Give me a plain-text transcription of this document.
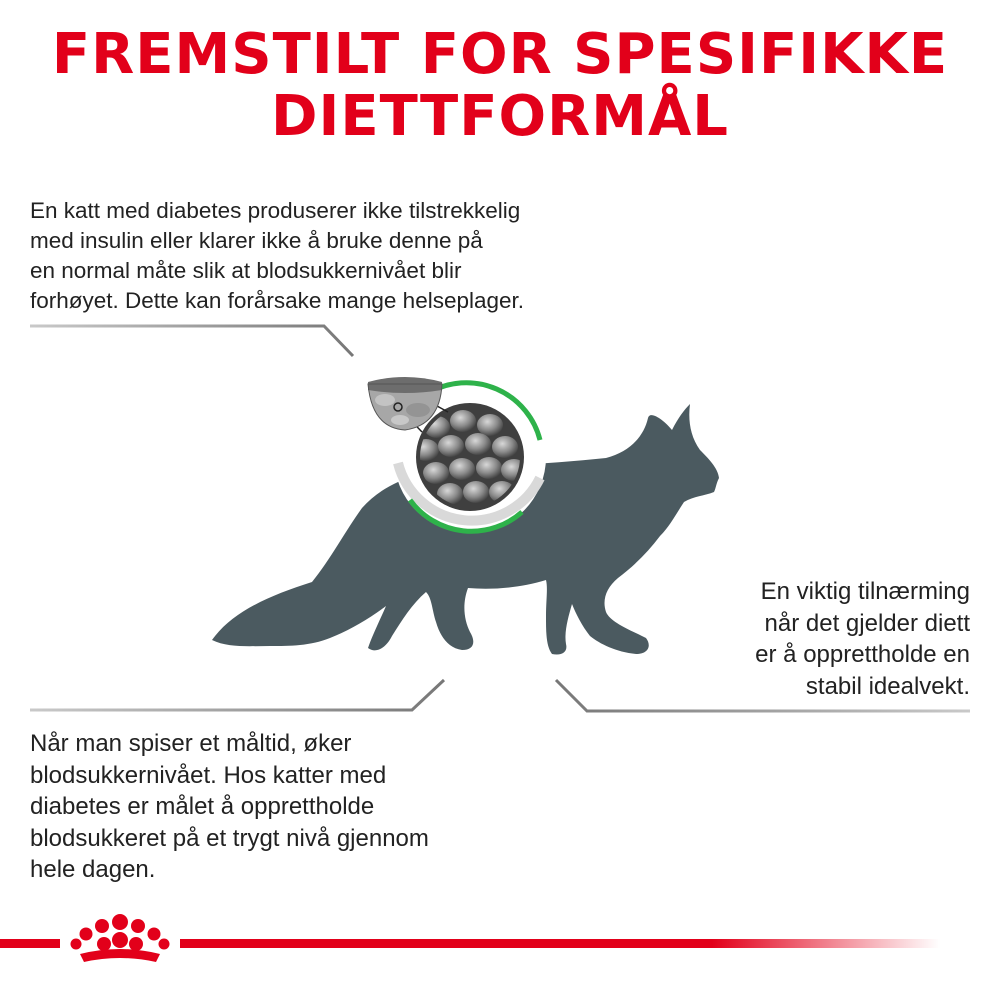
FREMSTILT FOR SPESIFIKKE
DIETTFORMÅL

En katt med diabetes produserer ikke tilstrekkelig
med insulin eller klarer ikke å bruke denne på
en normal måte slik at blodsukkernivået blir
forhøyet. Dette kan forårsake mange helseplager.

En viktig tilnærming
når det gjelder diett
er å opprettholde en
stabil idealvekt.

Når man spiser et måltid, øker
blodsukkernivået. Hos katter med
diabetes er målet å opprettholde
blodsukkeret på et trygt nivå gjennom
hele dagen.
